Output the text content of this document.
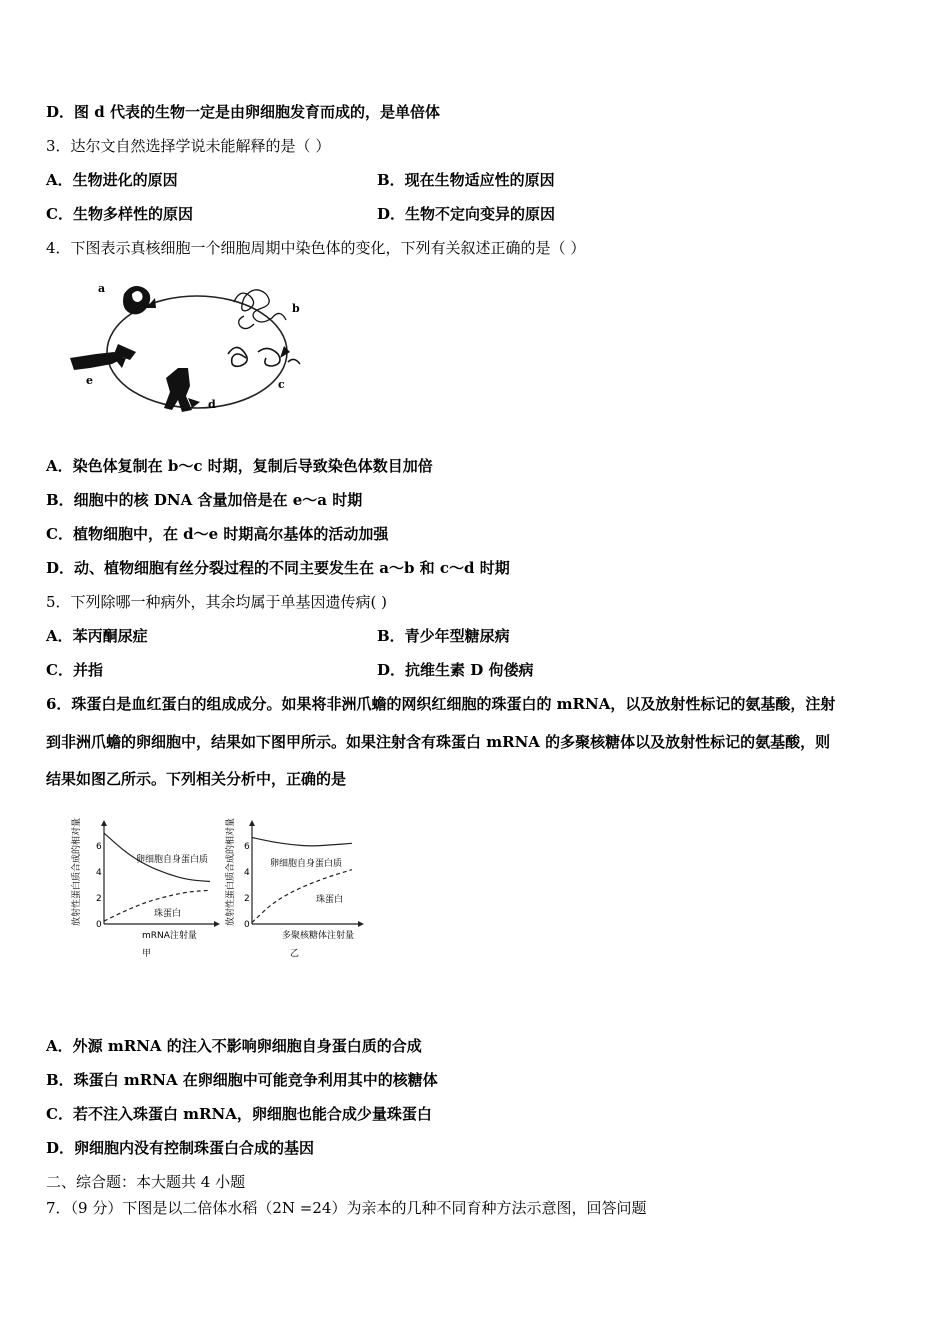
D．图 d 代表的生物一定是由卵细胞发育而成的，是单倍体
3．达尔文自然选择学说未能解释的是（ ）
A．生物进化的原因	B．现在生物适应性的原因
C．生物多样性的原因	D．生物不定向变异的原因
4．下图表示真核细胞一个细胞周期中染色体的变化，下列有关叙述正确的是（ ）
a
b
c
d
e
A．染色体复制在 b～c 时期，复制后导致染色体数目加倍
B．细胞中的核 DNA 含量加倍是在 e～a 时期
C．植物细胞中，在 d～e 时期高尔基体的活动加强
D．动、植物细胞有丝分裂过程的不同主要发生在 a～b 和 c～d 时期
5．下列除哪一种病外，其余均属于单基因遗传病( )
A．苯丙酮尿症	B．青少年型糖尿病
C．并指	D．抗维生素 D 佝偻病
6．珠蛋白是血红蛋白的组成成分。如果将非洲爪蟾的网织红细胞的珠蛋白的 mRNA，以及放射性标记的氨基酸，注射
到非洲爪蟾的卵细胞中，结果如下图甲所示。如果注射含有珠蛋白 mRNA 的多聚核糖体以及放射性标记的氨基酸，则
结果如图乙所示。下列相关分析中，正确的是
放射性蛋白质合成的相对量 0
2
4
6
卵细胞自身蛋白质
珠蛋白
mRNA注射量
甲
放射性蛋白质合成的相对量 0
2
4
6
卵细胞自身蛋白质
珠蛋白
多聚核糖体注射量
乙
A．外源 mRNA 的注入不影响卵细胞自身蛋白质的合成
B．珠蛋白 mRNA 在卵细胞中可能竞争利用其中的核糖体
C．若不注入珠蛋白 mRNA，卵细胞也能合成少量珠蛋白
D．卵细胞内没有控制珠蛋白合成的基因
二、综合题：本大题共 4 小题
7．（9 分）下图是以二倍体水稻（2N =24）为亲本的几种不同育种方法示意图，回答问题
